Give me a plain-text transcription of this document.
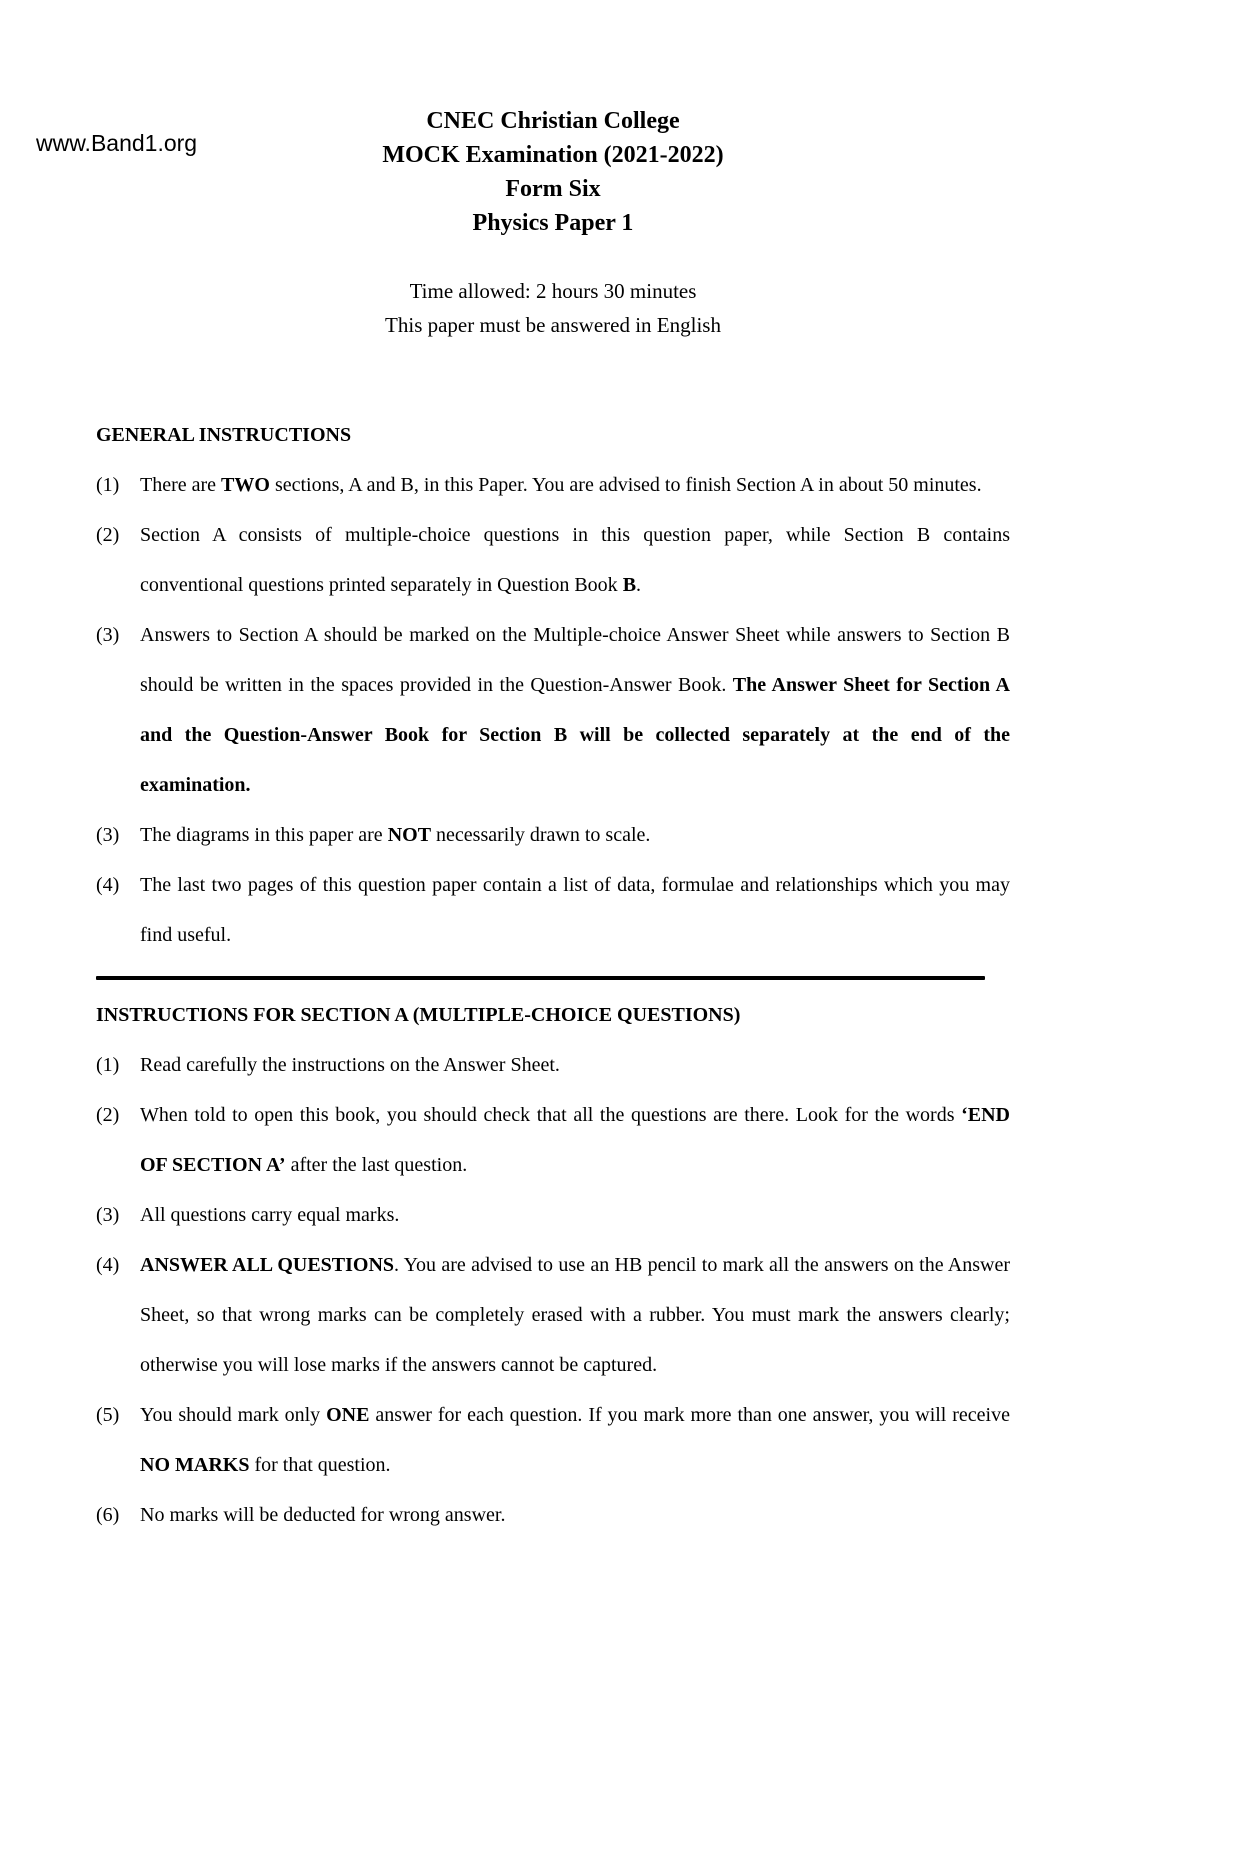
www.Band1.org
CNEC Christian College
MOCK Examination (2021-2022)
Form Six
Physics Paper 1
Time allowed: 2 hours 30 minutes
This paper must be answered in English
GENERAL INSTRUCTIONS
(1)	There are TWO sections, A and B, in this Paper. You are advised to finish Section A in about 50 minutes.
(2)	Section A consists of multiple-choice questions in this question paper, while Section B contains conventional questions printed separately in Question Book B.
(3)	Answers to Section A should be marked on the Multiple-choice Answer Sheet while answers to Section B should be written in the spaces provided in the Question-Answer Book. The Answer Sheet for Section A and the Question-Answer Book for Section B will be collected separately at the end of the examination.
(3)	The diagrams in this paper are NOT necessarily drawn to scale.
(4)	The last two pages of this question paper contain a list of data, formulae and relationships which you may find useful.
INSTRUCTIONS FOR SECTION A (MULTIPLE-CHOICE QUESTIONS)
(1)	Read carefully the instructions on the Answer Sheet.
(2)	When told to open this book, you should check that all the questions are there. Look for the words ‘END OF SECTION A’ after the last question.
(3)	All questions carry equal marks.
(4)	ANSWER ALL QUESTIONS. You are advised to use an HB pencil to mark all the answers on the Answer Sheet, so that wrong marks can be completely erased with a rubber. You must mark the answers clearly; otherwise you will lose marks if the answers cannot be captured.
(5)	You should mark only ONE answer for each question. If you mark more than one answer, you will receive NO MARKS for that question.
(6)	No marks will be deducted for wrong answer.
